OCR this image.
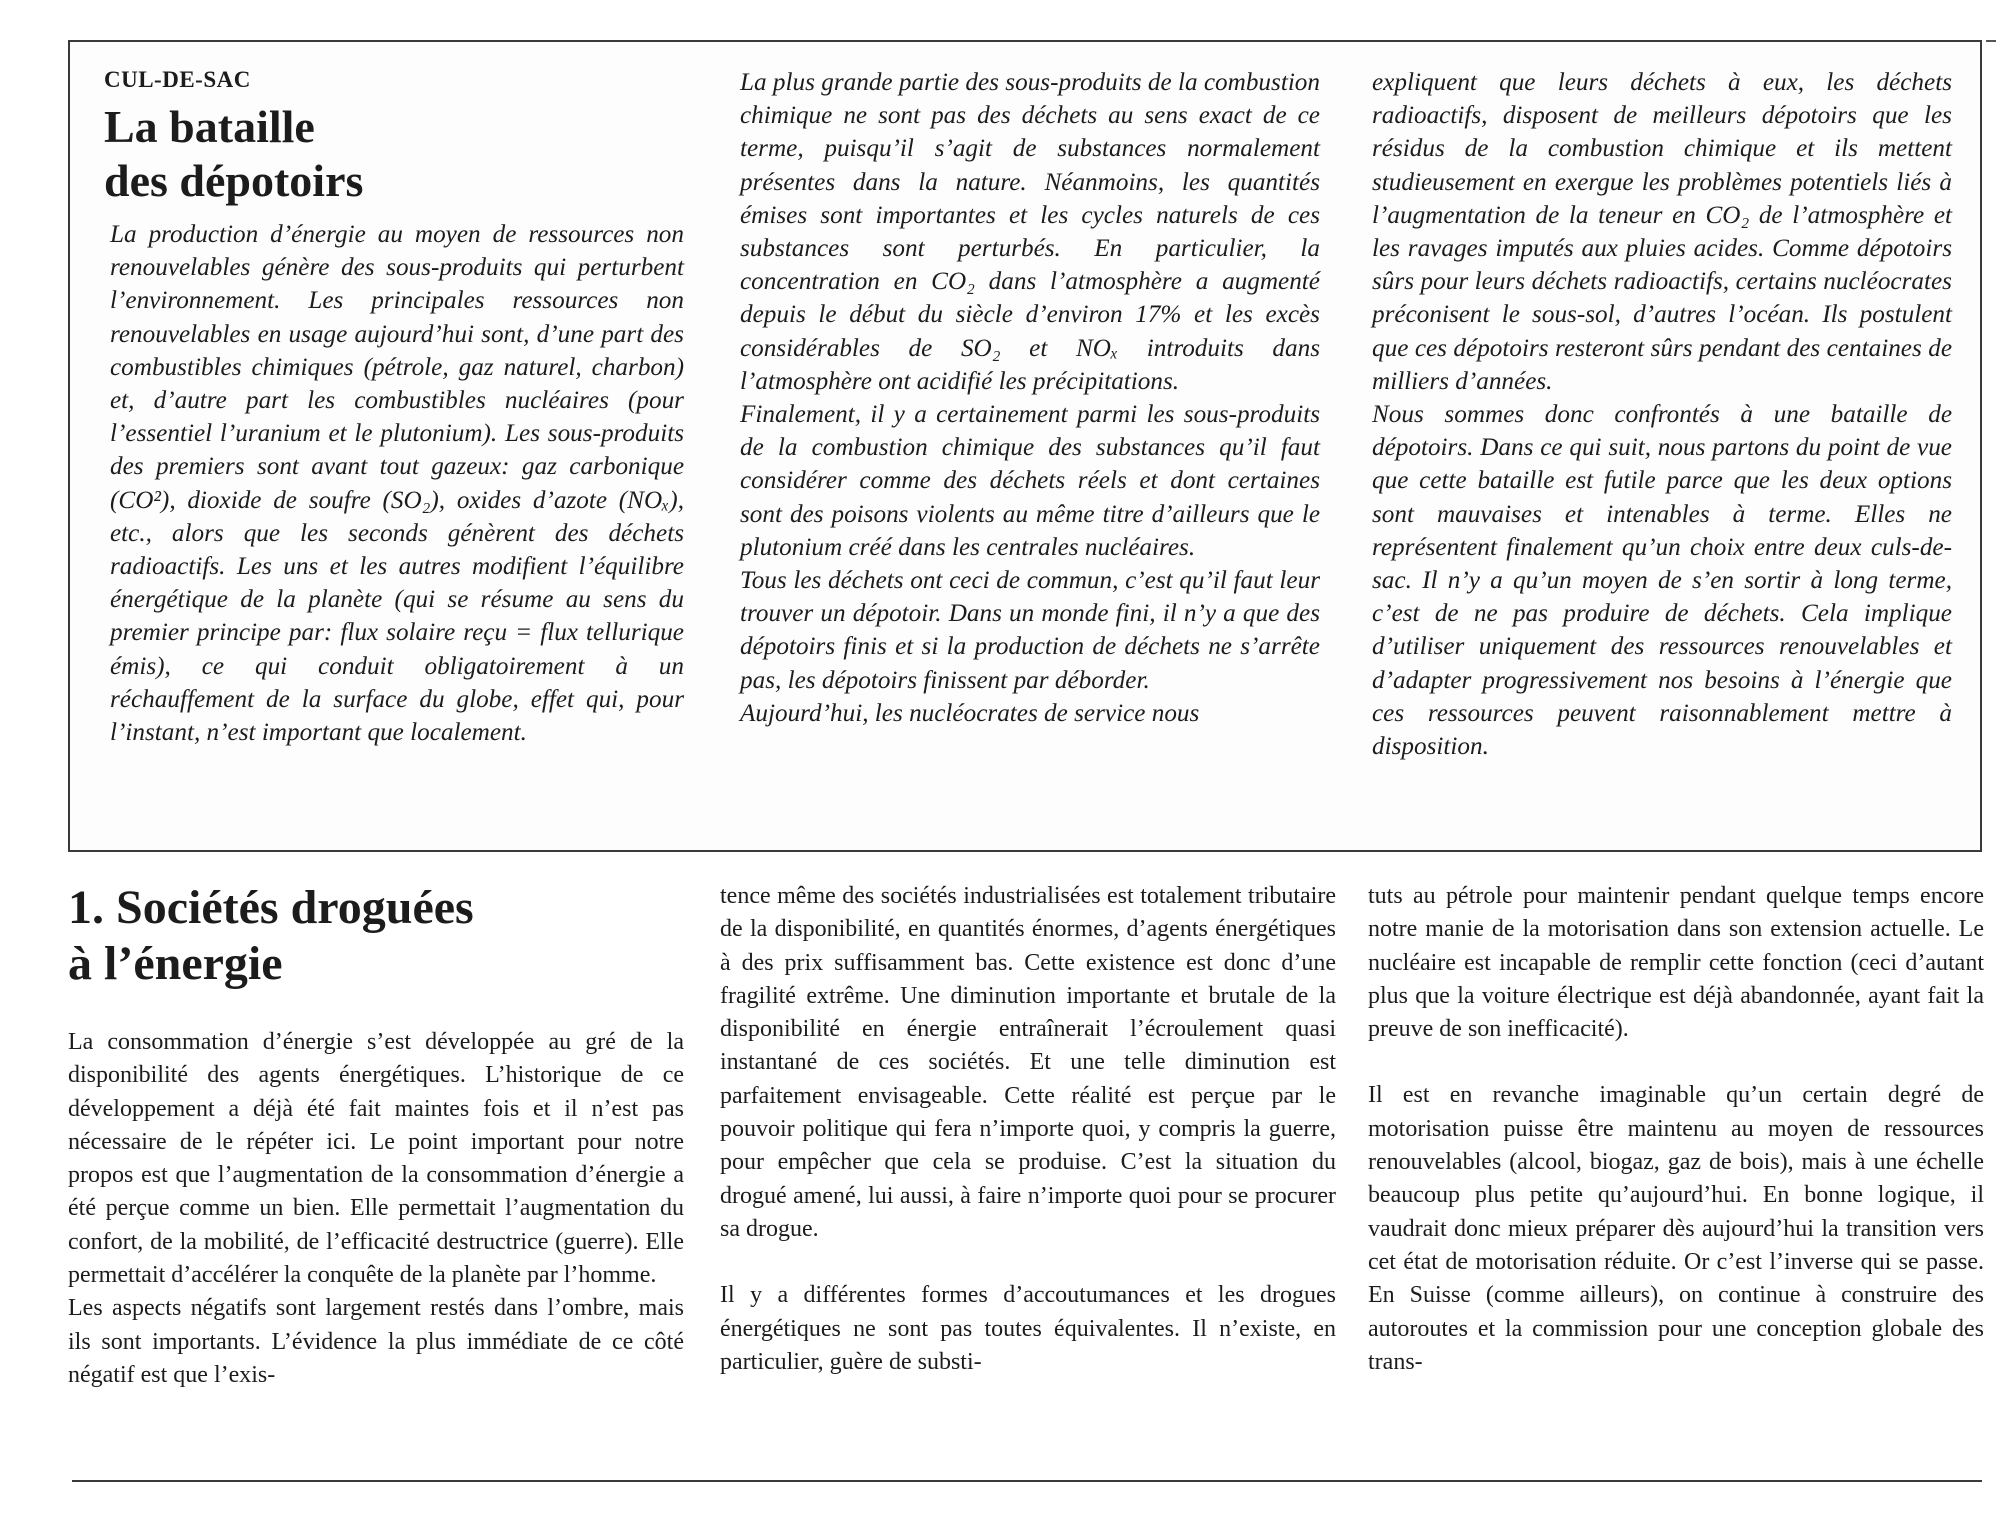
CUL-DE-SAC
La bataille
des dépotoirs

La production d’énergie au moyen de ressources non renouvelables génère des sous-produits qui perturbent l’environnement. Les principales ressources non renouvelables en usage aujourd’hui sont, d’une part des combustibles chimiques (pétrole, gaz naturel, charbon) et, d’autre part les combustibles nucléaires (pour l’essentiel l’uranium et le plutonium). Les sous-produits des premiers sont avant tout gazeux: gaz carbonique (CO²), dioxide de soufre (SO₂), oxides d’azote (NOₓ), etc., alors que les seconds génèrent des déchets radioactifs. Les uns et les autres modifient l’équilibre énergétique de la planète (qui se résume au sens du premier principe par: flux solaire reçu = flux tellurique émis), ce qui conduit obligatoirement à un réchauffement de la surface du globe, effet qui, pour l’instant, n’est important que localement.

La plus grande partie des sous-produits de la combustion chimique ne sont pas des déchets au sens exact de ce terme, puisqu’il s’agit de substances normalement présentes dans la nature. Néanmoins, les quantités émises sont importantes et les cycles naturels de ces substances sont perturbés. En particulier, la concentration en CO₂ dans l’atmosphère a augmenté depuis le début du siècle d’environ 17% et les excès considérables de SO₂ et NOₓ introduits dans l’atmosphère ont acidifié les précipitations.

Finalement, il y a certainement parmi les sous-produits de la combustion chimique des substances qu’il faut considérer comme des déchets réels et dont certaines sont des poisons violents au même titre d’ailleurs que le plutonium créé dans les centrales nucléaires.

Tous les déchets ont ceci de commun, c’est qu’il faut leur trouver un dépotoir. Dans un monde fini, il n’y a que des dépotoirs finis et si la production de déchets ne s’arrête pas, les dépotoirs finissent par déborder.

Aujourd’hui, les nucléocrates de service nous

expliquent que leurs déchets à eux, les déchets radioactifs, disposent de meilleurs dépotoirs que les résidus de la combustion chimique et ils mettent studieusement en exergue les problèmes potentiels liés à l’augmentation de la teneur en CO₂ de l’atmosphère et les ravages imputés aux pluies acides. Comme dépotoirs sûrs pour leurs déchets radioactifs, certains nucléocrates préconisent le sous-sol, d’autres l’océan. Ils postulent que ces dépotoirs resteront sûrs pendant des centaines de milliers d’années.

Nous sommes donc confrontés à une bataille de dépotoirs. Dans ce qui suit, nous partons du point de vue que cette bataille est futile parce que les deux options sont mauvaises et intenables à terme. Elles ne représentent finalement qu’un choix entre deux culs-de-sac. Il n’y a qu’un moyen de s’en sortir à long terme, c’est de ne pas produire de déchets. Cela implique d’utiliser uniquement des ressources renouvelables et d’adapter progressivement nos besoins à l’énergie que ces ressources peuvent raisonnablement mettre à disposition.

1. Sociétés droguées
à l’énergie

La consommation d’énergie s’est développée au gré de la disponibilité des agents énergétiques. L’historique de ce développement a déjà été fait maintes fois et il n’est pas nécessaire de le répéter ici. Le point important pour notre propos est que l’augmentation de la consommation d’énergie a été perçue comme un bien. Elle permettait l’augmentation du confort, de la mobilité, de l’efficacité destructrice (guerre). Elle permettait d’accélérer la conquête de la planète par l’homme.

Les aspects négatifs sont largement restés dans l’ombre, mais ils sont importants. L’évidence la plus immédiate de ce côté négatif est que l’exis-

tence même des sociétés industrialisées est totalement tributaire de la disponibilité, en quantités énormes, d’agents énergétiques à des prix suffisamment bas. Cette existence est donc d’une fragilité extrême. Une diminution importante et brutale de la disponibilité en énergie entraînerait l’écroulement quasi instantané de ces sociétés. Et une telle diminution est parfaitement envisageable. Cette réalité est perçue par le pouvoir politique qui fera n’importe quoi, y compris la guerre, pour empêcher que cela se produise. C’est la situation du drogué amené, lui aussi, à faire n’importe quoi pour se procurer sa drogue.

Il y a différentes formes d’accoutumances et les drogues énergétiques ne sont pas toutes équivalentes. Il n’existe, en particulier, guère de substi-

tuts au pétrole pour maintenir pendant quelque temps encore notre manie de la motorisation dans son extension actuelle. Le nucléaire est incapable de remplir cette fonction (ceci d’autant plus que la voiture électrique est déjà abandonnée, ayant fait la preuve de son inefficacité).

Il est en revanche imaginable qu’un certain degré de motorisation puisse être maintenu au moyen de ressources renouvelables (alcool, biogaz, gaz de bois), mais à une échelle beaucoup plus petite qu’aujourd’hui. En bonne logique, il vaudrait donc mieux préparer dès aujourd’hui la transition vers cet état de motorisation réduite. Or c’est l’inverse qui se passe. En Suisse (comme ailleurs), on continue à construire des autoroutes et la commission pour une conception globale des trans-
